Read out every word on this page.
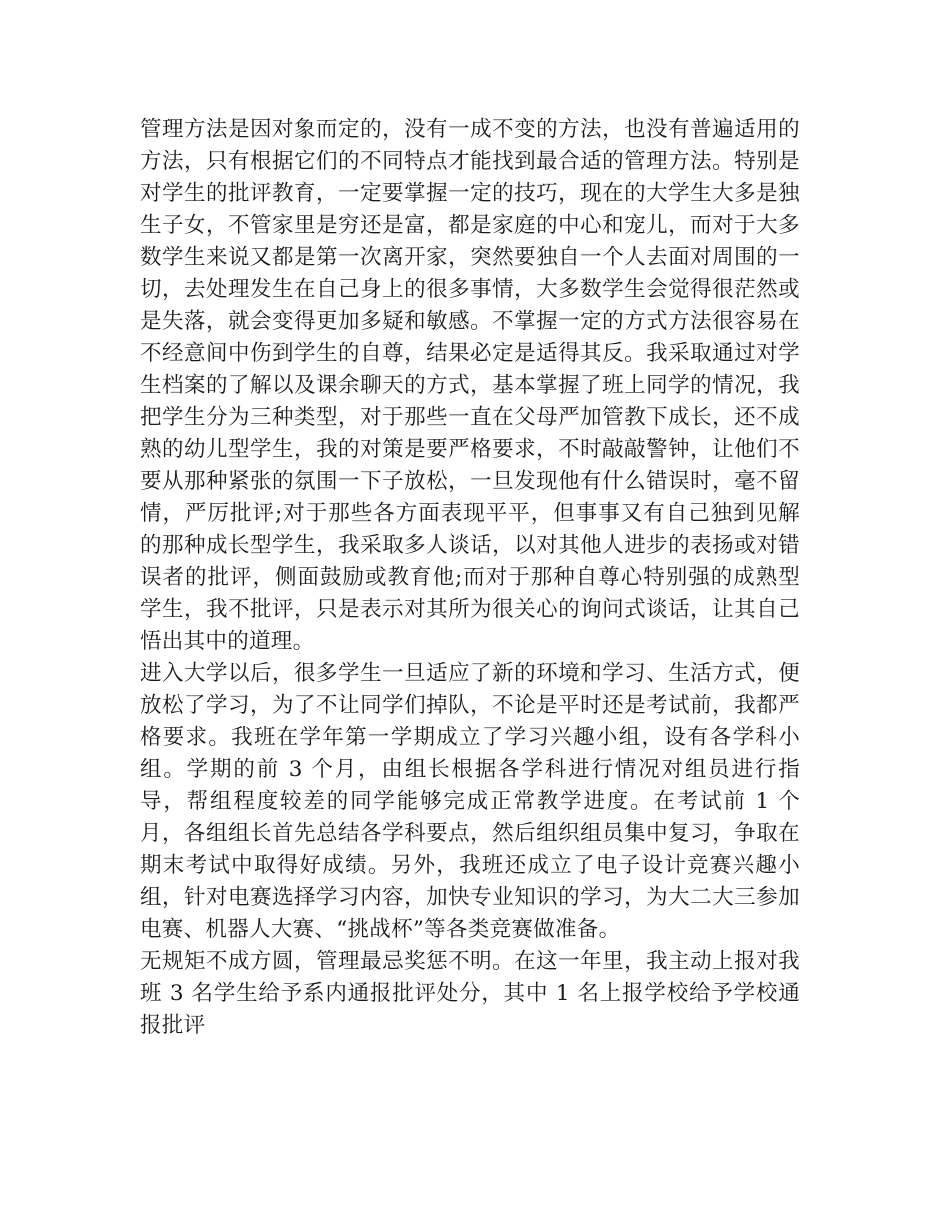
管理方法是因对象而定的，没有一成不变的方法，也没有普遍适用的方法，只有根据它们的不同特点才能找到最合适的管理方法。特别是对学生的批评教育，一定要掌握一定的技巧，现在的大学生大多是独生子女，不管家里是穷还是富，都是家庭的中心和宠儿，而对于大多数学生来说又都是第一次离开家，突然要独自一个人去面对周围的一切，去处理发生在自己身上的很多事情，大多数学生会觉得很茫然或是失落，就会变得更加多疑和敏感。不掌握一定的方式方法很容易在不经意间中伤到学生的自尊，结果必定是适得其反。我采取通过对学生档案的了解以及课余聊天的方式，基本掌握了班上同学的情况，我把学生分为三种类型，对于那些一直在父母严加管教下成长，还不成熟的幼儿型学生，我的对策是要严格要求，不时敲敲警钟，让他们不要从那种紧张的氛围一下子放松，一旦发现他有什么错误时，毫不留情，严厉批评;对于那些各方面表现平平，但事事又有自己独到见解的那种成长型学生，我采取多人谈话，以对其他人进步的表扬或对错误者的批评，侧面鼓励或教育他;而对于那种自尊心特别强的成熟型学生，我不批评，只是表示对其所为很关心的询问式谈话，让其自己悟出其中的道理。

进入大学以后，很多学生一旦适应了新的环境和学习、生活方式，便放松了学习，为了不让同学们掉队，不论是平时还是考试前，我都严格要求。我班在学年第一学期成立了学习兴趣小组，设有各学科小组。学期的前 3 个月，由组长根据各学科进行情况对组员进行指导，帮组程度较差的同学能够完成正常教学进度。在考试前 1 个月，各组组长首先总结各学科要点，然后组织组员集中复习，争取在期末考试中取得好成绩。另外，我班还成立了电子设计竞赛兴趣小组，针对电赛选择学习内容，加快专业知识的学习，为大二大三参加电赛、机器人大赛、“挑战杯”等各类竞赛做准备。

无规矩不成方圆，管理最忌奖惩不明。在这一年里，我主动上报对我班 3 名学生给予系内通报批评处分，其中 1 名上报学校给予学校通报批评
